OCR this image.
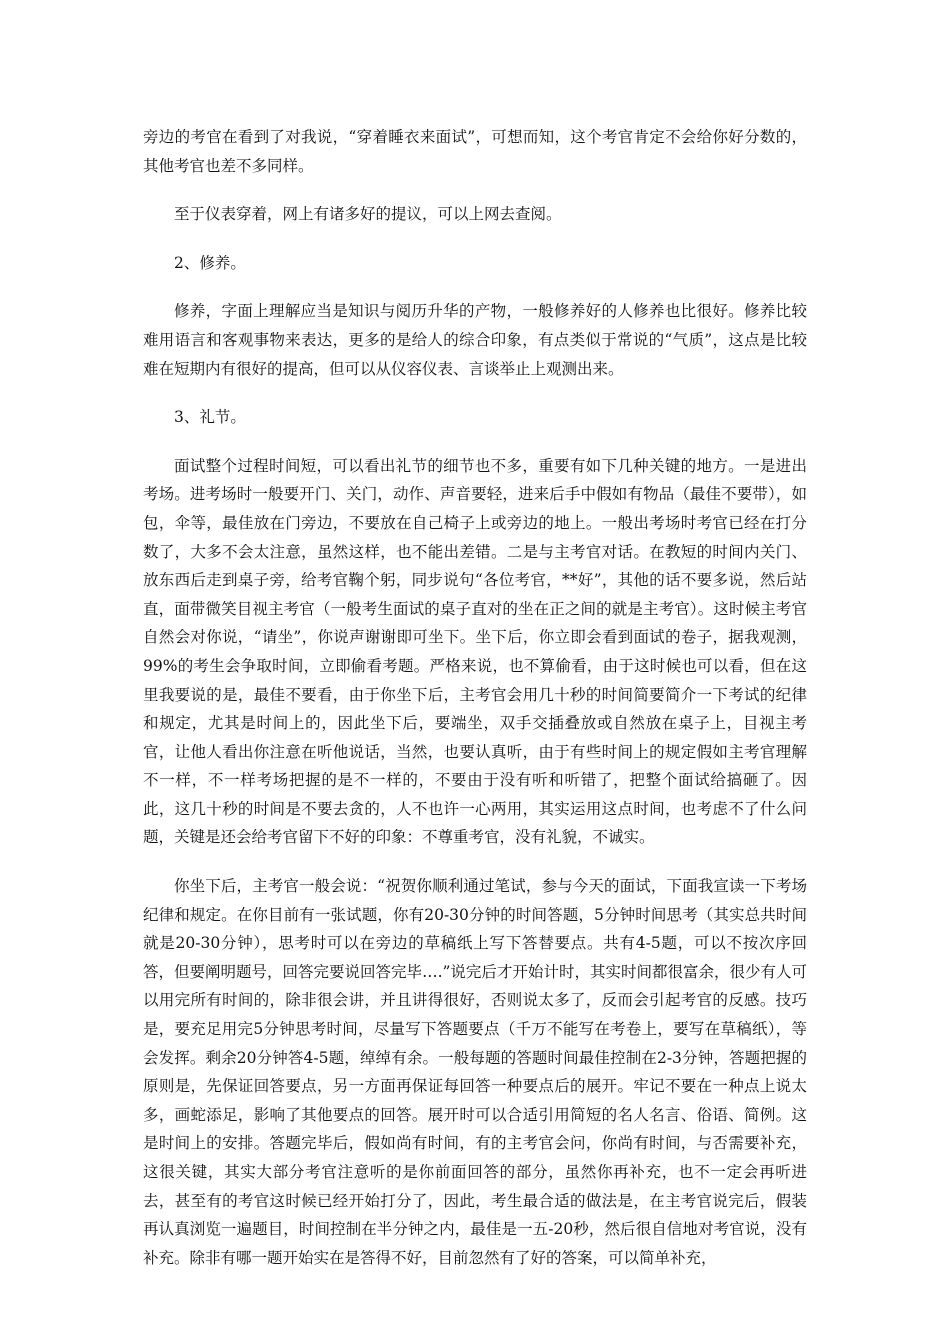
旁边的考官在看到了对我说，“穿着睡衣来面试”，可想而知，这个考官肯定不会给你好分数的，其他考官也差不多同样。

至于仪表穿着，网上有诸多好的提议，可以上网去查阅。

2、修养。

修养，字面上理解应当是知识与阅历升华的产物，一般修养好的人修养也比很好。修养比较难用语言和客观事物来表达，更多的是给人的综合印象，有点类似于常说的“气质”，这点是比较难在短期内有很好的提高，但可以从仪容仪表、言谈举止上观测出来。

3、礼节。

面试整个过程时间短，可以看出礼节的细节也不多，重要有如下几种关键的地方。一是进出考场。进考场时一般要开门、关门，动作、声音要轻，进来后手中假如有物品（最佳不要带），如包，伞等，最佳放在门旁边，不要放在自己椅子上或旁边的地上。一般出考场时考官已经在打分数了，大多不会太注意，虽然这样，也不能出差错。二是与主考官对话。在教短的时间内关门、放东西后走到桌子旁，给考官鞠个躬，同步说句“各位考官，**好”，其他的话不要多说，然后站直，面带微笑目视主考官（一般考生面试的桌子直对的坐在正之间的就是主考官）。这时候主考官自然会对你说，“请坐”，你说声谢谢即可坐下。坐下后，你立即会看到面试的卷子，据我观测，99%的考生会争取时间，立即偷看考题。严格来说，也不算偷看，由于这时候也可以看，但在这里我要说的是，最佳不要看，由于你坐下后，主考官会用几十秒的时间简要简介一下考试的纪律和规定，尤其是时间上的，因此坐下后，要端坐，双手交插叠放或自然放在桌子上，目视主考官，让他人看出你注意在听他说话，当然，也要认真听，由于有些时间上的规定假如主考官理解不一样，不一样考场把握的是不一样的，不要由于没有听和听错了，把整个面试给搞砸了。因此，这几十秒的时间是不要去贪的，人不也许一心两用，其实运用这点时间，也考虑不了什么问题，关键是还会给考官留下不好的印象：不尊重考官，没有礼貌，不诚实。

你坐下后，主考官一般会说：“祝贺你顺利通过笔试，参与今天的面试，下面我宣读一下考场纪律和规定。在你目前有一张试题，你有20-30分钟的时间答题，5分钟时间思考（其实总共时间就是20-30分钟），思考时可以在旁边的草稿纸上写下答替要点。共有4-5题，可以不按次序回答，但要阐明题号，回答完要说回答完毕….”说完后才开始计时，其实时间都很富余，很少有人可以用完所有时间的，除非很会讲，并且讲得很好，否则说太多了，反而会引起考官的反感。技巧是，要充足用完5分钟思考时间，尽量写下答题要点（千万不能写在考卷上，要写在草稿纸），等会发挥。剩余20分钟答4-5题，绰绰有余。一般每题的答题时间最佳控制在2-3分钟，答题把握的原则是，先保证回答要点，另一方面再保证每回答一种要点后的展开。牢记不要在一种点上说太多，画蛇添足，影响了其他要点的回答。展开时可以合适引用简短的名人名言、俗语、简例。这是时间上的安排。答题完毕后，假如尚有时间，有的主考官会问，你尚有时间，与否需要补充，这很关键，其实大部分考官注意听的是你前面回答的部分，虽然你再补充，也不一定会再听进去，甚至有的考官这时候已经开始打分了，因此，考生最合适的做法是，在主考官说完后，假装再认真浏览一遍题目，时间控制在半分钟之内，最佳是一五-20秒，然后很自信地对考官说，没有补充。除非有哪一题开始实在是答得不好，目前忽然有了好的答案，可以简单补充，
